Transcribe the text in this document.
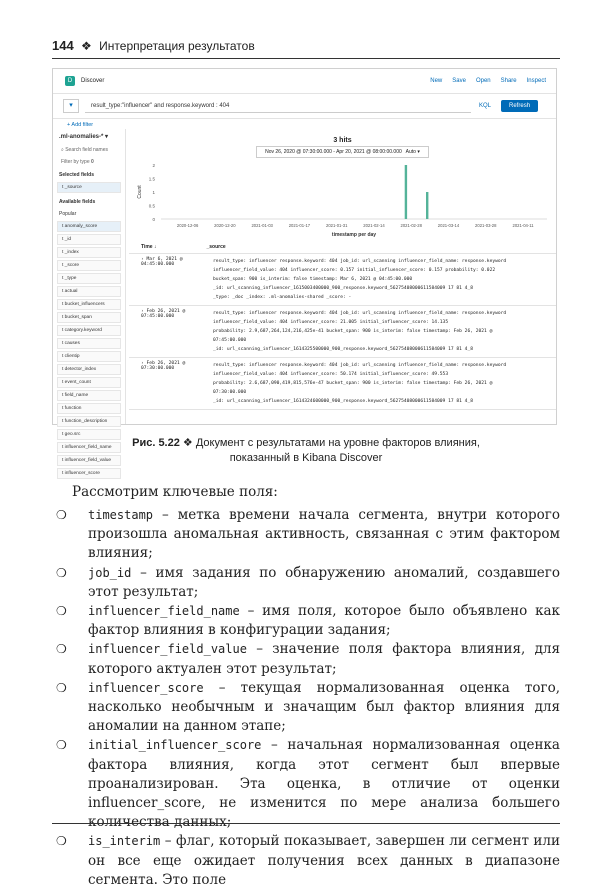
144 ❖ Интерпретация результатов
D	Discover	New Save Open Share Inspect
▾	result_type:"influencer" and response.keyword : 404	KQL	Refresh
+ Add filter
.ml-anomalies-* ▾
⌕ Search field names
Filter by type 0
Selected fields
t _source
Available fields
Popular
t anomaly_score
t _id
t _index
t _score
t _type
t actual
t bucket_influencers
t bucket_span
t category.keyword
t causes
t clientip
t detector_index
t event_count
t field_name
t function
t function_description
t geo.src
t influencer_field_name
t influencer_field_value
t influencer_score
3 hits
Nov 26, 2020 @ 07:30:00.000 - Apr 20, 2021 @ 08:00:00.000 Auto ▾
0
0.5
1
1.5
2
Count
2020-12-06	2020-12-20	2021-01-03	2021-01-17	2021-01-31	2021-02-14	2021-02-28	2021-03-14	2021-03-28	2021-04-11
timestamp per day
Time ↓	_source
› Mar 6, 2021 @ 04:45:00.000
result_type: influencer response.keyword: 404 job_id: url_scanning influencer_field_name: response.keyword
influencer_field_value: 404 influencer_score: 0.157 initial_influencer_score: 0.157 probability: 0.022
bucket_span: 900 is_interim: false timestamp: Mar 6, 2021 @ 04:45:00.000
_id: url_scanning_influencer_1615003400000_900_response.keyword_56275408000611584009 17 81 4_8
_type: _doc _index: .ml-anomalies-shared _score: -
› Feb 26, 2021 @ 07:45:00.000
result_type: influencer response.keyword: 404 job_id: url_scanning influencer_field_name: response.keyword
influencer_field_value: 404 influencer_score: 21.005 initial_influencer_score: 14.135
probability: 2.9,687,264,124,216,425e-41 bucket_span: 900 is_interim: false timestamp: Feb 26, 2021 @
07:45:00.000
_id: url_scanning_influencer_1614325500000_900_response.keyword_56275408000611584009 17 81 4_8
› Feb 26, 2021 @ 07:30:00.000
result_type: influencer response.keyword: 404 job_id: url_scanning influencer_field_name: response.keyword
influencer_field_value: 404 influencer_score: 50.174 initial_influencer_score: 49.553
probability: 2.6,687,090,419,815,576e-47 bucket_span: 900 is_interim: false timestamp: Feb 26, 2021 @
07:30:00.000
_id: url_scanning_influencer_1614324600000_900_response.keyword_56275408000611584009 17 81 4_8
Рис. 5.22 ❖ Документ с результатами на уровне факторов влияния,
показанный в Kibana Discover

Рассмотрим ключевые поля:

❍ timestamp – метка времени начала сегмента, внутри которого произошла аномальная активность, связанная с этим фактором влияния;
❍ job_id – имя задания по обнаружению аномалий, создавшего этот результат;
❍ influencer_field_name – имя поля, которое было объявлено как фактор влияния в конфигурации задания;
❍ influencer_field_value – значение поля фактора влияния, для которого актуален этот результат;
❍ influencer_score – текущая нормализованная оценка того, насколько необычным и значащим был фактор влияния для аномалии на данном этапе;
❍ initial_influencer_score – начальная нормализованная оценка фактора влияния, когда этот сегмент был впервые проанализирован. Эта оценка, в отличие от оценки influencer_score, не изменится по мере анализа большего количества данных;
❍ is_interim – флаг, который показывает, завершен ли сегмент или он все еще ожидает получения всех данных в диапазоне сегмента. Это поле
